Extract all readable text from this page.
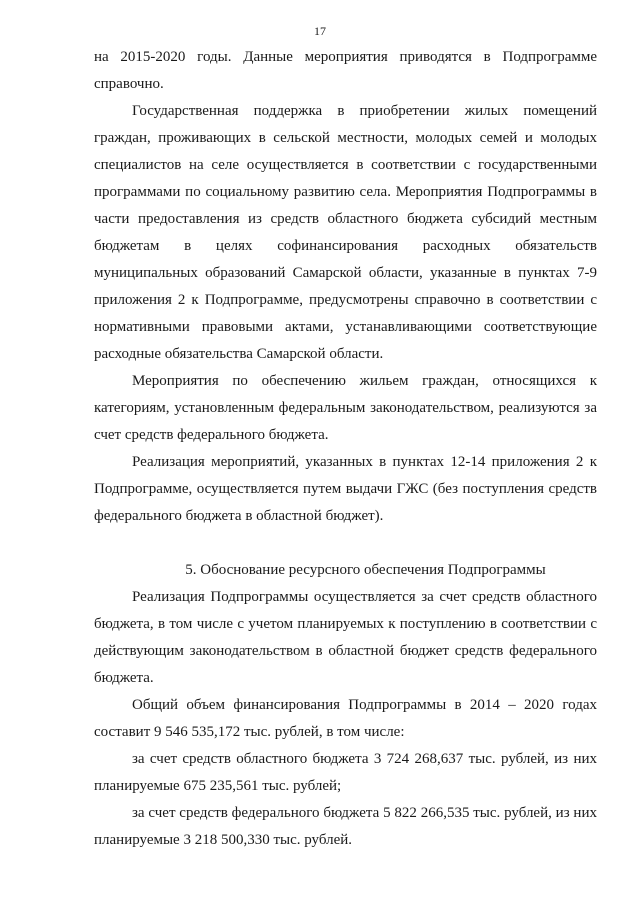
17

на 2015-2020 годы. Данные мероприятия приводятся в Подпрограмме справочно.

Государственная поддержка в приобретении жилых помещений граждан, проживающих в сельской местности, молодых семей и молодых специалистов на селе осуществляется в соответствии с государственными программами по социальному развитию села. Мероприятия Подпрограммы в части предоставления из средств областного бюджета субсидий местным бюджетам в целях софинансирования расходных обязательств муниципальных образований Самарской области, указанные в пунктах 7-9 приложения 2 к Подпрограмме, предусмотрены справочно в соответствии с нормативными правовыми актами, устанавливающими соответствующие расходные обязательства Самарской области.

Мероприятия по обеспечению жильем граждан, относящихся к категориям, установленным федеральным законодательством, реализуются за счет средств федерального бюджета.

Реализация мероприятий, указанных в пунктах 12-14 приложения 2 к Подпрограмме, осуществляется путем выдачи ГЖС (без поступления средств федерального бюджета в областной бюджет).

5. Обоснование ресурсного обеспечения Подпрограммы

Реализация Подпрограммы осуществляется за счет средств областного бюджета, в том числе с учетом планируемых к поступлению в соответствии с действующим законодательством в областной бюджет средств федерального бюджета.

Общий объем финансирования Подпрограммы в 2014 – 2020 годах составит 9 546 535,172 тыс. рублей, в том числе:

за счет средств областного бюджета 3 724 268,637 тыс. рублей, из них планируемые 675 235,561 тыс. рублей;

за счет средств федерального бюджета 5 822 266,535 тыс. рублей, из них планируемые 3 218 500,330 тыс. рублей.
